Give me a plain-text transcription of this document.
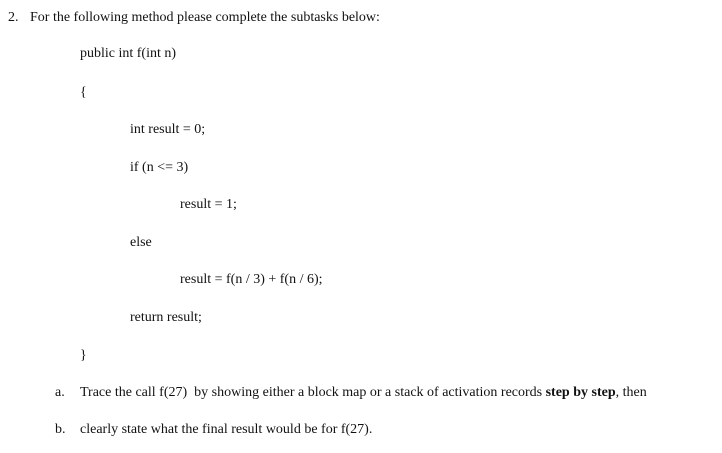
2. For the following method please complete the subtasks below:
public int f(int n)
{
int result = 0;
if (n <= 3)
result = 1;
else
result = f(n / 3) + f(n / 6);
return result;
}
a. Trace the call f(27)  by showing either a block map or a stack of activation records step by step, then
b. clearly state what the final result would be for f(27).
